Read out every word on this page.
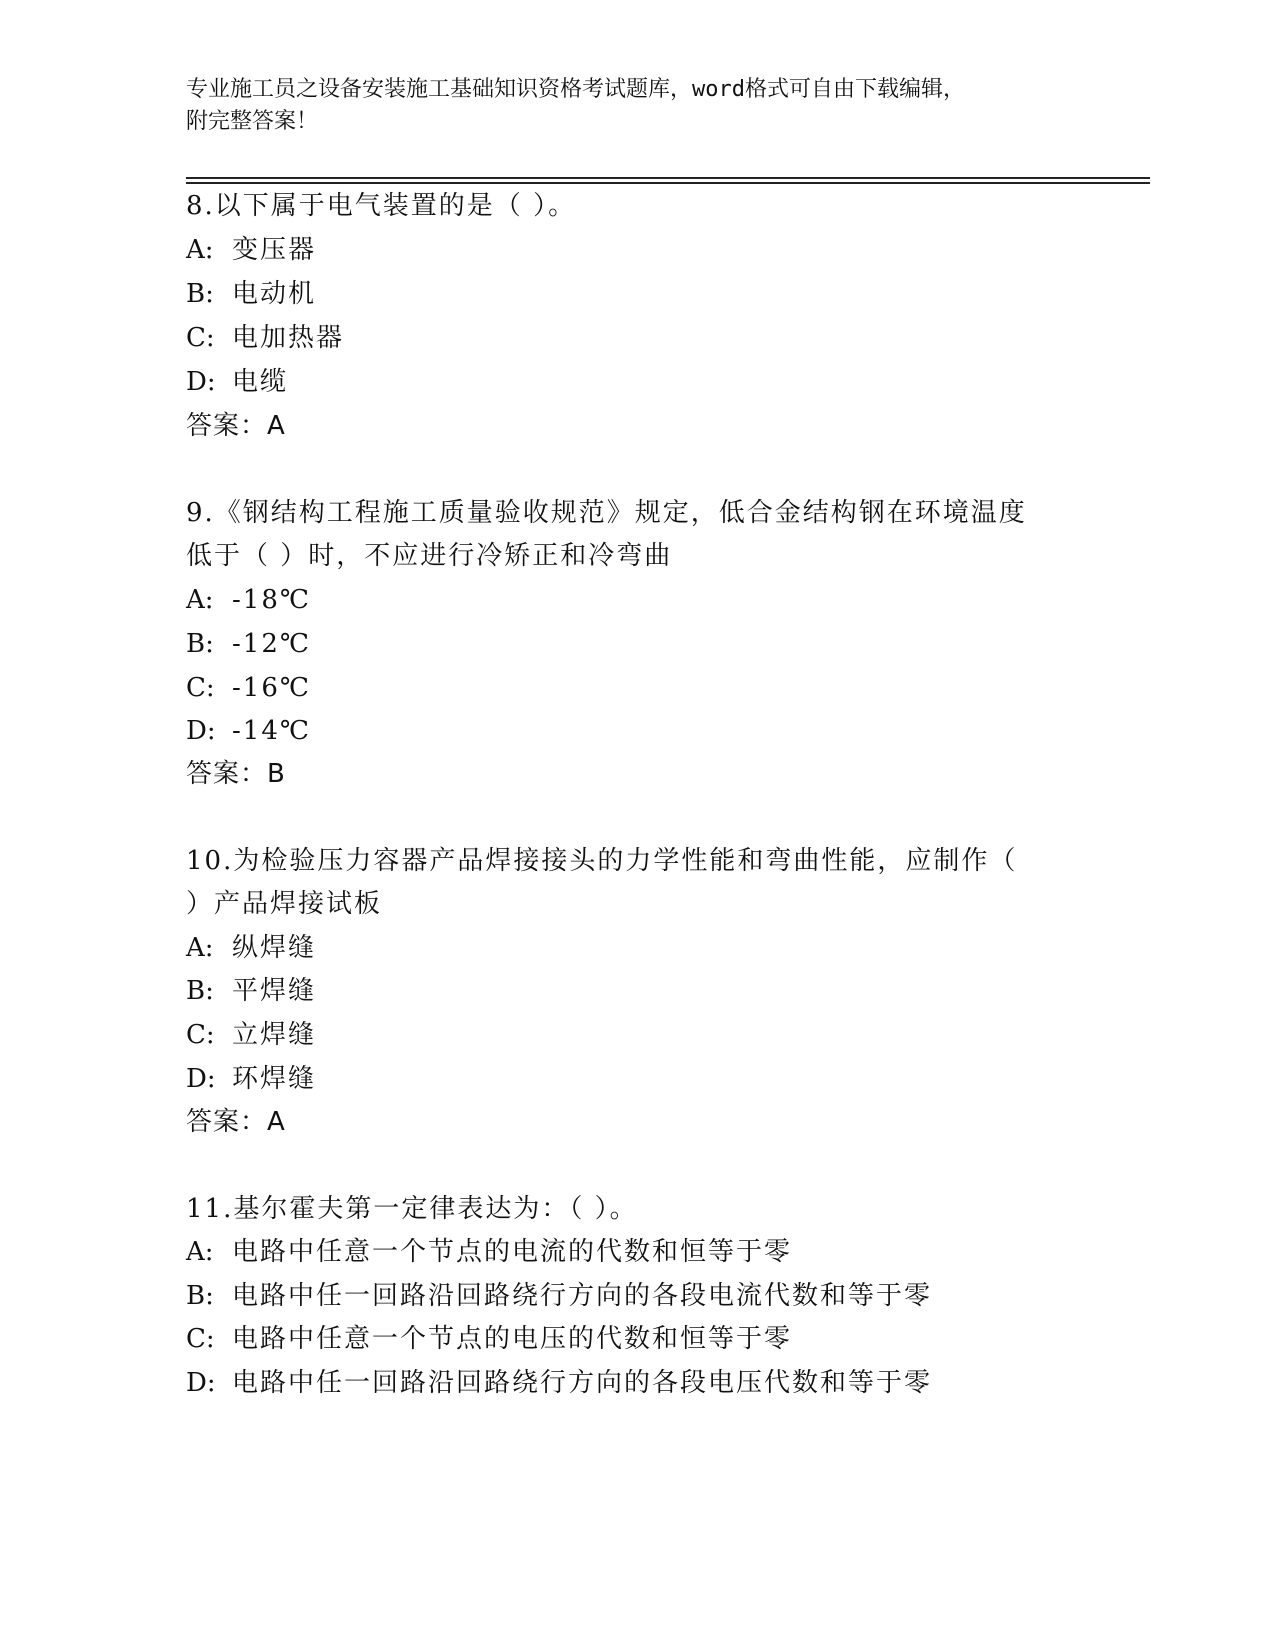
专业施工员之设备安装施工基础知识资格考试题库，word格式可自由下载编辑，
附完整答案！
8.以下属于电气装置的是（ ）。
A: 变压器
B: 电动机
C: 电加热器
D: 电缆
答案：A
9.《钢结构工程施工质量验收规范》规定，低合金结构钢在环境温度
低于（ ）时，不应进行冷矫正和冷弯曲
A: -18℃
B: -12℃
C: -16℃
D: -14℃
答案：B
10.为检验压力容器产品焊接接头的力学性能和弯曲性能，应制作（
）产品焊接试板
A: 纵焊缝
B: 平焊缝
C: 立焊缝
D: 环焊缝
答案：A
11.基尔霍夫第一定律表达为：（ ）。
A: 电路中任意一个节点的电流的代数和恒等于零
B: 电路中任一回路沿回路绕行方向的各段电流代数和等于零
C: 电路中任意一个节点的电压的代数和恒等于零
D: 电路中任一回路沿回路绕行方向的各段电压代数和等于零
